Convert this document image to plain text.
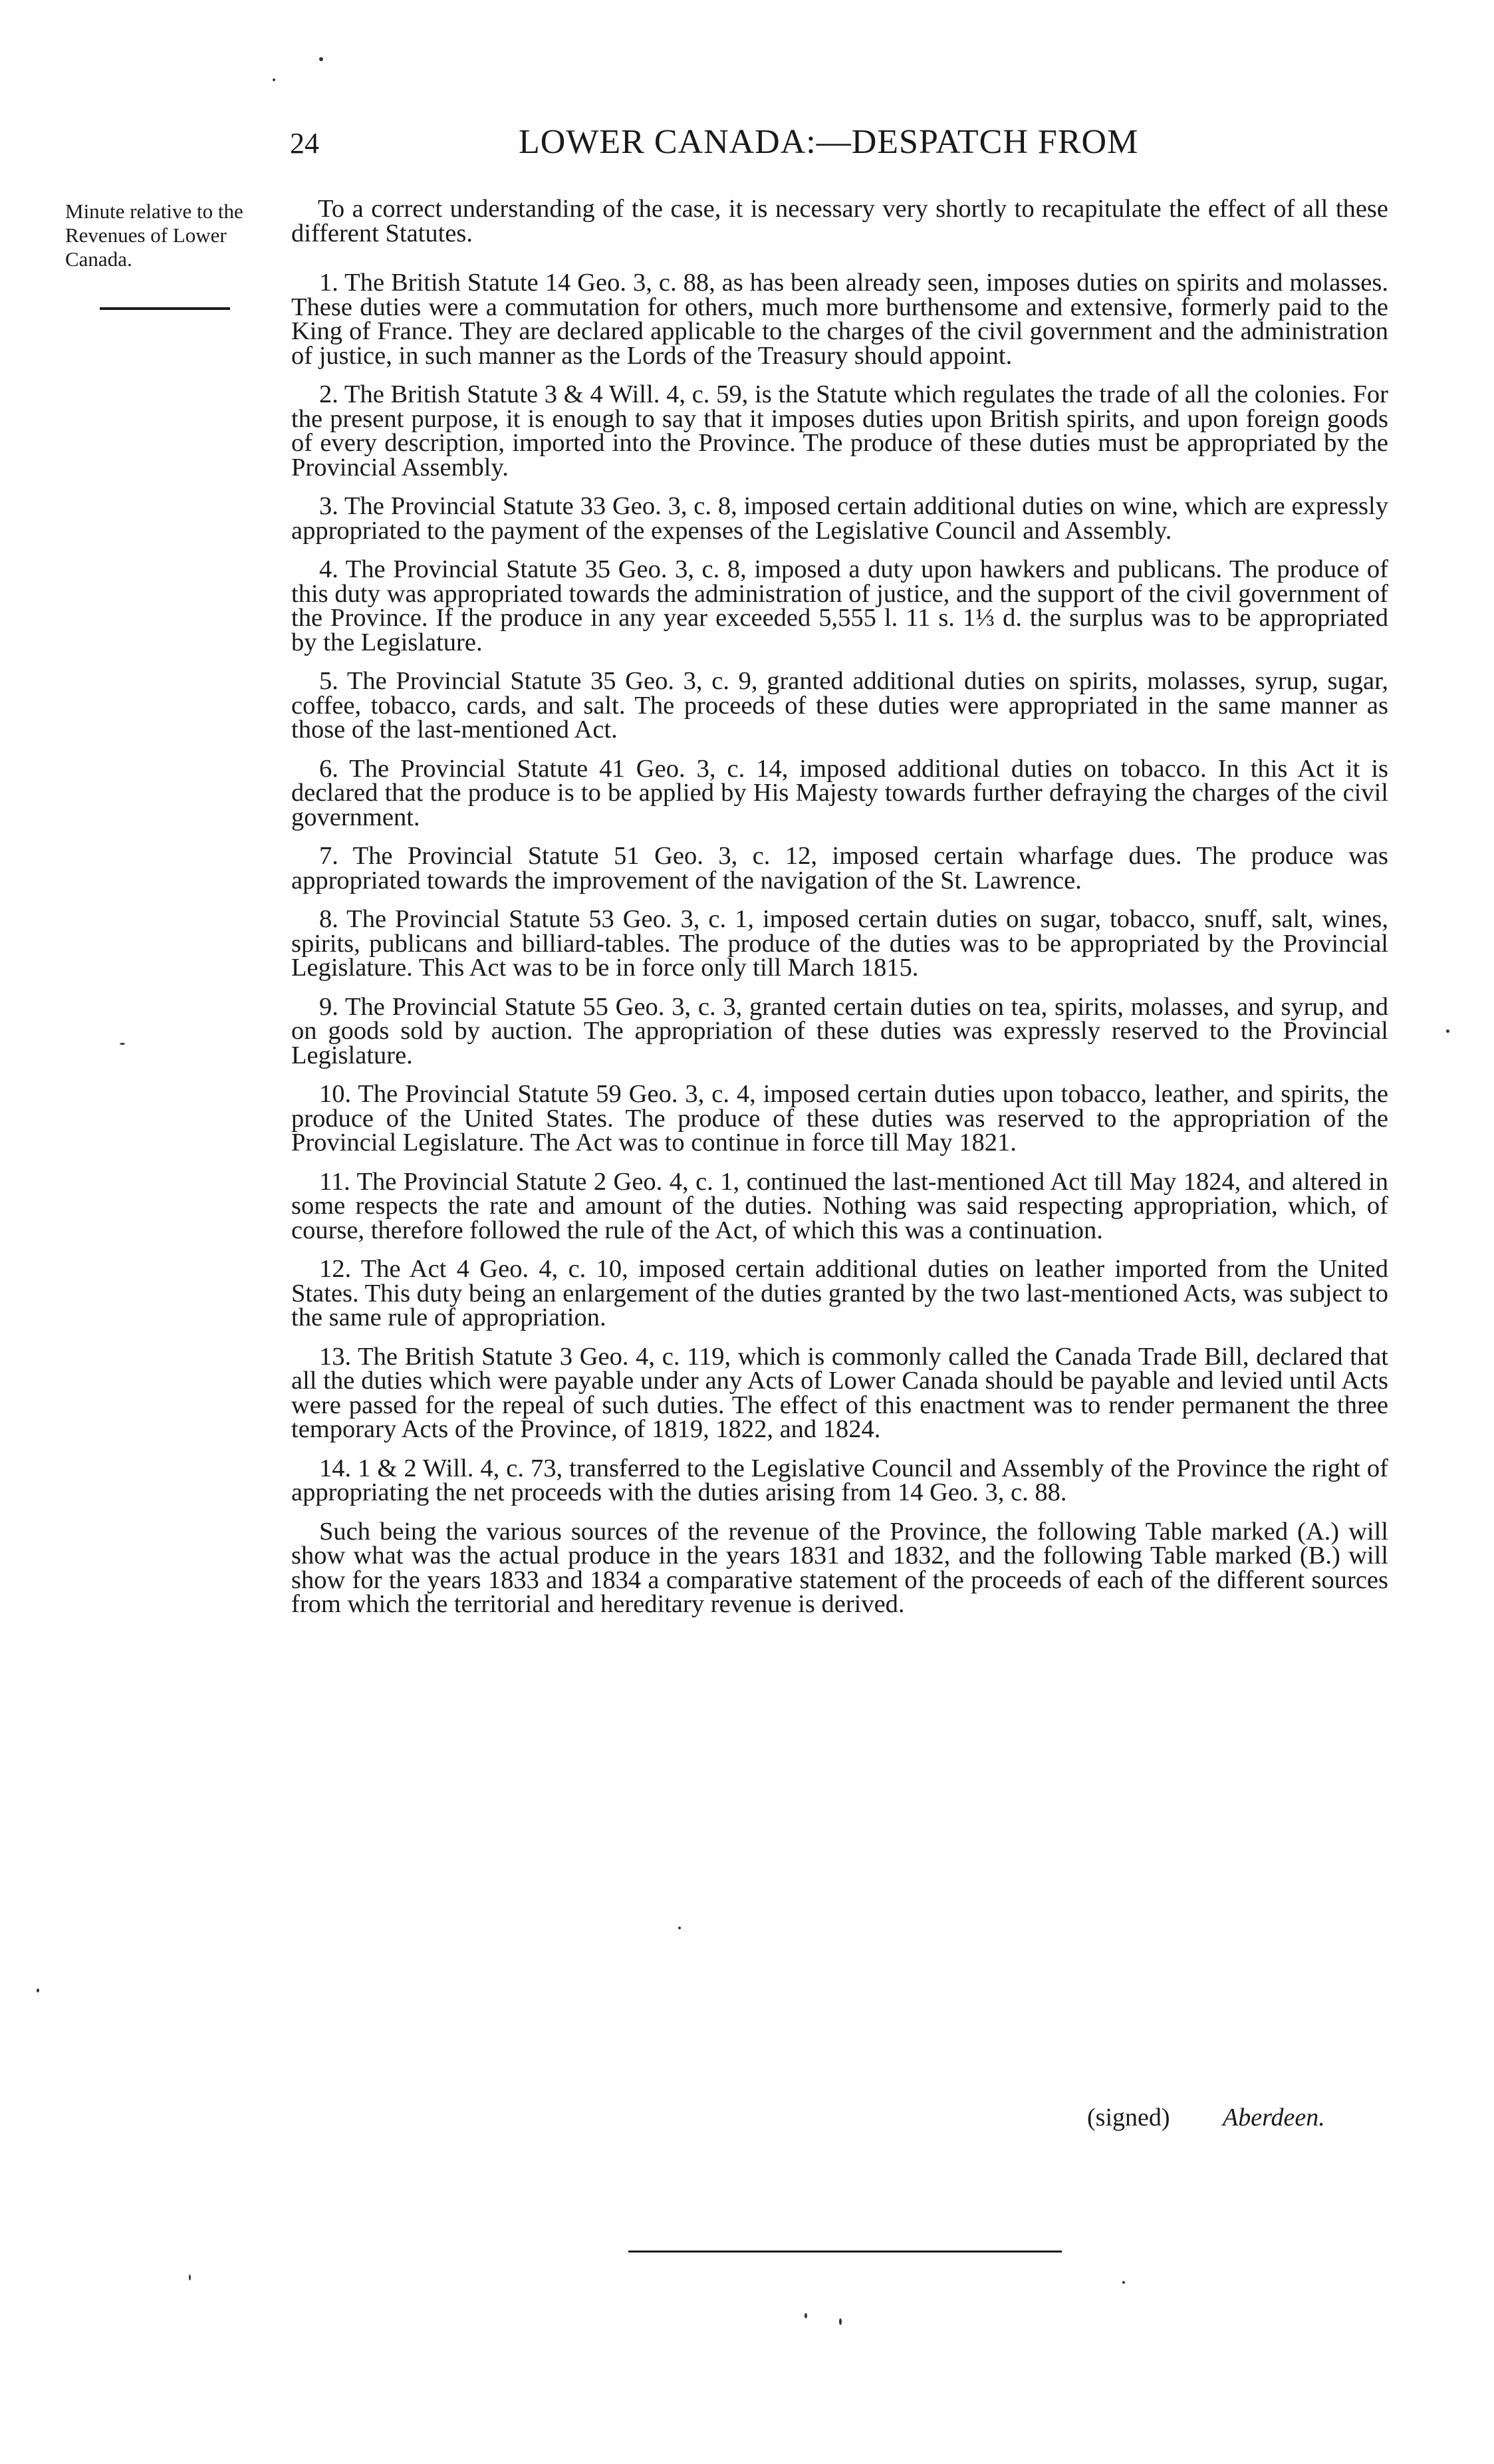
24	LOWER CANADA:—DESPATCH FROM
Minute relative to the Revenues of Lower Canada.

To a correct understanding of the case, it is necessary very shortly to recapitulate the effect of all these different Statutes.

1. The British Statute 14 Geo. 3, c. 88, as has been already seen, imposes duties on spirits and molasses. These duties were a commutation for others, much more burthensome and extensive, formerly paid to the King of France. They are declared applicable to the charges of the civil government and the administration of justice, in such manner as the Lords of the Treasury should appoint.

2. The British Statute 3 & 4 Will. 4, c. 59, is the Statute which regulates the trade of all the colonies. For the present purpose, it is enough to say that it imposes duties upon British spirits, and upon foreign goods of every description, imported into the Province. The produce of these duties must be appropriated by the Provincial Assembly.

3. The Provincial Statute 33 Geo. 3, c. 8, imposed certain additional duties on wine, which are expressly appropriated to the payment of the expenses of the Legislative Council and Assembly.

4. The Provincial Statute 35 Geo. 3, c. 8, imposed a duty upon hawkers and publicans. The produce of this duty was appropriated towards the administration of justice, and the support of the civil government of the Province. If the produce in any year exceeded 5,555 l. 11 s. 1⅓ d. the surplus was to be appropriated by the Legislature.

5. The Provincial Statute 35 Geo. 3, c. 9, granted additional duties on spirits, molasses, syrup, sugar, coffee, tobacco, cards, and salt. The proceeds of these duties were appropriated in the same manner as those of the last-mentioned Act.

6. The Provincial Statute 41 Geo. 3, c. 14, imposed additional duties on tobacco. In this Act it is declared that the produce is to be applied by His Majesty towards further defraying the charges of the civil government.

7. The Provincial Statute 51 Geo. 3, c. 12, imposed certain wharfage dues. The produce was appropriated towards the improvement of the navigation of the St. Lawrence.

8. The Provincial Statute 53 Geo. 3, c. 1, imposed certain duties on sugar, tobacco, snuff, salt, wines, spirits, publicans and billiard-tables. The produce of the duties was to be appropriated by the Provincial Legislature. This Act was to be in force only till March 1815.

9. The Provincial Statute 55 Geo. 3, c. 3, granted certain duties on tea, spirits, molasses, and syrup, and on goods sold by auction. The appropriation of these duties was expressly reserved to the Provincial Legislature.

10. The Provincial Statute 59 Geo. 3, c. 4, imposed certain duties upon tobacco, leather, and spirits, the produce of the United States. The produce of these duties was reserved to the appropriation of the Provincial Legislature. The Act was to continue in force till May 1821.

11. The Provincial Statute 2 Geo. 4, c. 1, continued the last-mentioned Act till May 1824, and altered in some respects the rate and amount of the duties. Nothing was said respecting appropriation, which, of course, therefore followed the rule of the Act, of which this was a continuation.

12. The Act 4 Geo. 4, c. 10, imposed certain additional duties on leather imported from the United States. This duty being an enlargement of the duties granted by the two last-mentioned Acts, was subject to the same rule of appropriation.

13. The British Statute 3 Geo. 4, c. 119, which is commonly called the Canada Trade Bill, declared that all the duties which were payable under any Acts of Lower Canada should be payable and levied until Acts were passed for the repeal of such duties. The effect of this enactment was to render permanent the three temporary Acts of the Province, of 1819, 1822, and 1824.

14. 1 & 2 Will. 4, c. 73, transferred to the Legislative Council and Assembly of the Province the right of appropriating the net proceeds with the duties arising from 14 Geo. 3, c. 88.

Such being the various sources of the revenue of the Province, the following Table marked (A.) will show what was the actual produce in the years 1831 and 1832, and the following Table marked (B.) will show for the years 1833 and 1834 a comparative statement of the proceeds of each of the different sources from which the territorial and hereditary revenue is derived.

(signed) Aberdeen.
